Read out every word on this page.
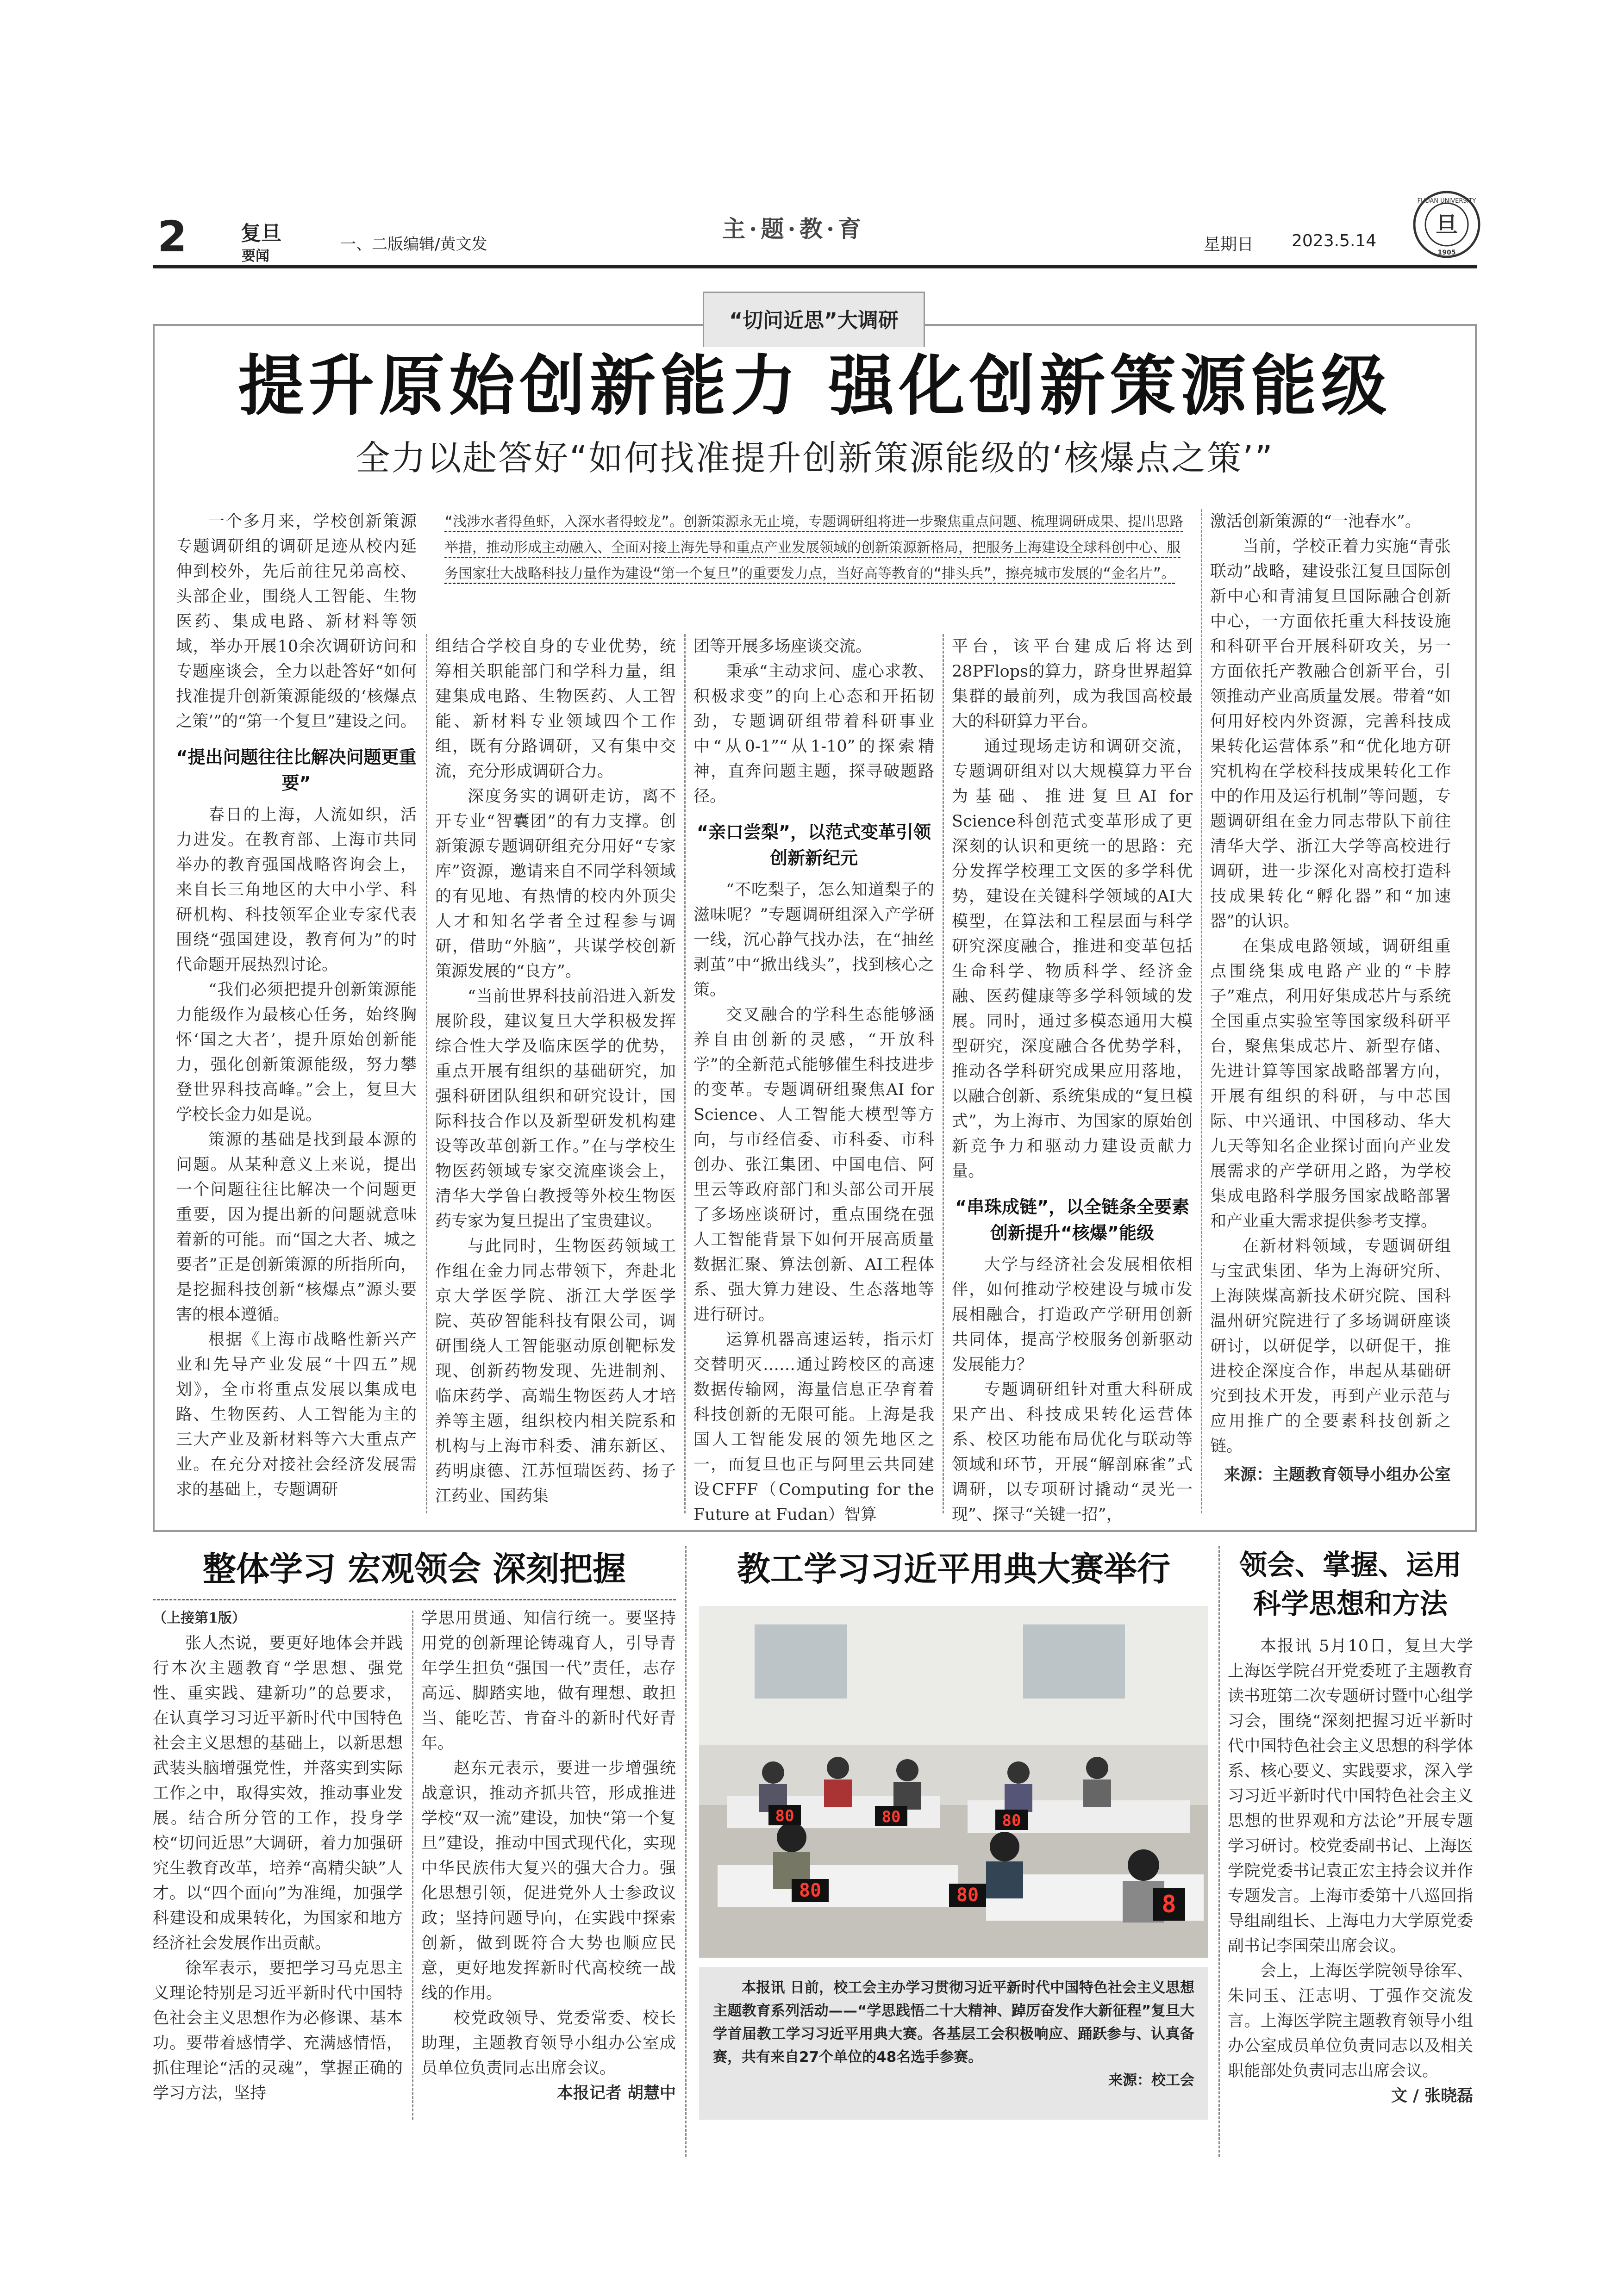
2	复旦
要闻
一、二版编辑/黄文发
主·题·教·育
星期日 2023.5.14
旦
FUDAN UNIVERSITY
1905
“切问近思”大调研
提升原始创新能力 强化创新策源能级
全力以赴答好“如何找准提升创新策源能级的‘核爆点之策’”
“浅涉水者得鱼虾，入深水者得蛟龙”。创新策源永无止境，专题调研组将进一步聚焦重点问题、梳理调研成果、提出思路举措，推动形成主动融入、全面对接上海先导和重点产业发展领域的创新策源新格局，把服务上海建设全球科创中心、服务国家壮大战略科技力量作为建设“第一个复旦”的重要发力点，当好高等教育的“排头兵”，擦亮城市发展的“金名片”。

一个多月来，学校创新策源专题调研组的调研足迹从校内延伸到校外，先后前往兄弟高校、头部企业，围绕人工智能、生物医药、集成电路、新材料等领域，举办开展10余次调研访问和专题座谈会，全力以赴答好“如何找准提升创新策源能级的‘核爆点之策’”的“第一个复旦”建设之问。

“提出问题往往比解决问题更重要”

春日的上海，人流如织，活力进发。在教育部、上海市共同举办的教育强国战略咨询会上，来自长三角地区的大中小学、科研机构、科技领军企业专家代表围绕“强国建设，教育何为”的时代命题开展热烈讨论。

“我们必须把提升创新策源能力能级作为最核心任务，始终胸怀‘国之大者’，提升原始创新能力，强化创新策源能级，努力攀登世界科技高峰。”会上，复旦大学校长金力如是说。

策源的基础是找到最本源的问题。从某种意义上来说，提出一个问题往往比解决一个问题更重要，因为提出新的问题就意味着新的可能。而“国之大者、城之要者”正是创新策源的所指所向，是挖掘科技创新“核爆点”源头要害的根本遵循。

根据《上海市战略性新兴产业和先导产业发展“十四五”规划》，全市将重点发展以集成电路、生物医药、人工智能为主的三大产业及新材料等六大重点产业。在充分对接社会经济发展需求的基础上，专题调研

组结合学校自身的专业优势，统筹相关职能部门和学科力量，组建集成电路、生物医药、人工智能、新材料专业领域四个工作组，既有分路调研，又有集中交流，充分形成调研合力。

深度务实的调研走访，离不开专业“智囊团”的有力支撑。创新策源专题调研组充分用好“专家库”资源，邀请来自不同学科领域的有见地、有热情的校内外顶尖人才和知名学者全过程参与调研，借助“外脑”，共谋学校创新策源发展的“良方”。

“当前世界科技前沿进入新发展阶段，建议复旦大学积极发挥综合性大学及临床医学的优势，重点开展有组织的基础研究，加强科研团队组织和研究设计，国际科技合作以及新型研发机构建设等改革创新工作。”在与学校生物医药领域专家交流座谈会上，清华大学鲁白教授等外校生物医药专家为复旦提出了宝贵建议。

与此同时，生物医药领域工作组在金力同志带领下，奔赴北京大学医学院、浙江大学医学院、英矽智能科技有限公司，调研围绕人工智能驱动原创靶标发现、创新药物发现、先进制剂、临床药学、高端生物医药人才培养等主题，组织校内相关院系和机构与上海市科委、浦东新区、药明康德、江苏恒瑞医药、扬子江药业、国药集

团等开展多场座谈交流。

秉承“主动求问、虚心求教、积极求变”的向上心态和开拓韧劲，专题调研组带着科研事业中“从0-1”“从1-10”的探索精神，直奔问题主题，探寻破题路径。

“亲口尝梨”，以范式变革引领创新新纪元

“不吃梨子，怎么知道梨子的滋味呢？”专题调研组深入产学研一线，沉心静气找办法，在“抽丝剥茧”中“掀出线头”，找到核心之策。

交叉融合的学科生态能够涵养自由创新的灵感，“开放科学”的全新范式能够催生科技进步的变革。专题调研组聚焦AI for Science、人工智能大模型等方向，与市经信委、市科委、市科创办、张江集团、中国电信、阿里云等政府部门和头部公司开展了多场座谈研讨，重点围绕在强人工智能背景下如何开展高质量数据汇聚、算法创新、AI工程体系、强大算力建设、生态落地等进行研讨。

运算机器高速运转，指示灯交替明灭……通过跨校区的高速数据传输网，海量信息正孕育着科技创新的无限可能。上海是我国人工智能发展的领先地区之一，而复旦也正与阿里云共同建设CFFF（Computing for the Future at Fudan）智算

平台，该平台建成后将达到28PFlops的算力，跻身世界超算集群的最前列，成为我国高校最大的科研算力平台。

通过现场走访和调研交流，专题调研组对以大规模算力平台为基础、推进复旦AI for Science科创范式变革形成了更深刻的认识和更统一的思路：充分发挥学校理工文医的多学科优势，建设在关键科学领域的AI大模型，在算法和工程层面与科学研究深度融合，推进和变革包括生命科学、物质科学、经济金融、医药健康等多学科领域的发展。同时，通过多模态通用大模型研究，深度融合各优势学科，推动各学科研究成果应用落地，以融合创新、系统集成的“复旦模式”，为上海市、为国家的原始创新竞争力和驱动力建设贡献力量。

“串珠成链”，以全链条全要素创新提升“核爆”能级

大学与经济社会发展相依相伴，如何推动学校建设与城市发展相融合，打造政产学研用创新共同体，提高学校服务创新驱动发展能力？

专题调研组针对重大科研成果产出、科技成果转化运营体系、校区功能布局优化与联动等领域和环节，开展“解剖麻雀”式调研，以专项研讨撬动“灵光一现”、探寻“关键一招”，

激活创新策源的“一池春水”。

当前，学校正着力实施“青张联动”战略，建设张江复旦国际创新中心和青浦复旦国际融合创新中心，一方面依托重大科技设施和科研平台开展科研攻关，另一方面依托产教融合创新平台，引领推动产业高质量发展。带着“如何用好校内外资源，完善科技成果转化运营体系”和“优化地方研究机构在学校科技成果转化工作中的作用及运行机制”等问题，专题调研组在金力同志带队下前往清华大学、浙江大学等高校进行调研，进一步深化对高校打造科技成果转化“孵化器”和“加速器”的认识。

在集成电路领域，调研组重点围绕集成电路产业的“卡脖子”难点，利用好集成芯片与系统全国重点实验室等国家级科研平台，聚焦集成芯片、新型存储、先进计算等国家战略部署方向，开展有组织的科研，与中芯国际、中兴通讯、中国移动、华大九天等知名企业探讨面向产业发展需求的产学研用之路，为学校集成电路科学服务国家战略部署和产业重大需求提供参考支撑。

在新材料领域，专题调研组与宝武集团、华为上海研究所、上海陕煤高新技术研究院、国科温州研究院进行了多场调研座谈研讨，以研促学，以研促干，推进校企深度合作，串起从基础研究到技术开发，再到产业示范与应用推广的全要素科技创新之链。

来源：主题教育领导小组办公室

整体学习 宏观领会 深刻把握

（上接第1版）

张人杰说，要更好地体会并践行本次主题教育“学思想、强党性、重实践、建新功”的总要求，在认真学习习近平新时代中国特色社会主义思想的基础上，以新思想武装头脑增强党性，并落实到实际工作之中，取得实效，推动事业发展。结合所分管的工作，投身学校“切问近思”大调研，着力加强研究生教育改革，培养“高精尖缺”人才。以“四个面向”为准绳，加强学科建设和成果转化，为国家和地方经济社会发展作出贡献。

徐军表示，要把学习马克思主义理论特别是习近平新时代中国特色社会主义思想作为必修课、基本功。要带着感情学、充满感情悟，抓住理论“活的灵魂”，掌握正确的学习方法，坚持

学思用贯通、知信行统一。要坚持用党的创新理论铸魂育人，引导青年学生担负“强国一代”责任，志存高远、脚踏实地，做有理想、敢担当、能吃苦、肯奋斗的新时代好青年。

赵东元表示，要进一步增强统战意识，推动齐抓共管，形成推进学校“双一流”建设，加快“第一个复旦”建设，推动中国式现代化，实现中华民族伟大复兴的强大合力。强化思想引领，促进党外人士参政议政；坚持问题导向，在实践中探索创新，做到既符合大势也顺应民意，更好地发挥新时代高校统一战线的作用。

校党政领导、党委常委、校长助理，主题教育领导小组办公室成员单位负责同志出席会议。

本报记者 胡慧中

教工学习习近平用典大赛举行
80	80	80
80	80	8

本报讯 日前，校工会主办学习贯彻习近平新时代中国特色社会主义思想主题教育系列活动——“学思践悟二十大精神、踔厉奋发作大新征程”复旦大学首届教工学习习近平用典大赛。各基层工会积极响应、踊跃参与、认真备赛，共有来自27个单位的48名选手参赛。

来源：校工会

领会、掌握、运用科学思想和方法

本报讯 5月10日，复旦大学上海医学院召开党委班子主题教育读书班第二次专题研讨暨中心组学习会，围绕“深刻把握习近平新时代中国特色社会主义思想的科学体系、核心要义、实践要求，深入学习习近平新时代中国特色社会主义思想的世界观和方法论”开展专题学习研讨。校党委副书记、上海医学院党委书记袁正宏主持会议并作专题发言。上海市委第十八巡回指导组副组长、上海电力大学原党委副书记李国荣出席会议。

会上，上海医学院领导徐军、朱同玉、汪志明、丁强作交流发言。上海医学院主题教育领导小组办公室成员单位负责同志以及相关职能部处负责同志出席会议。

文 / 张晓磊
